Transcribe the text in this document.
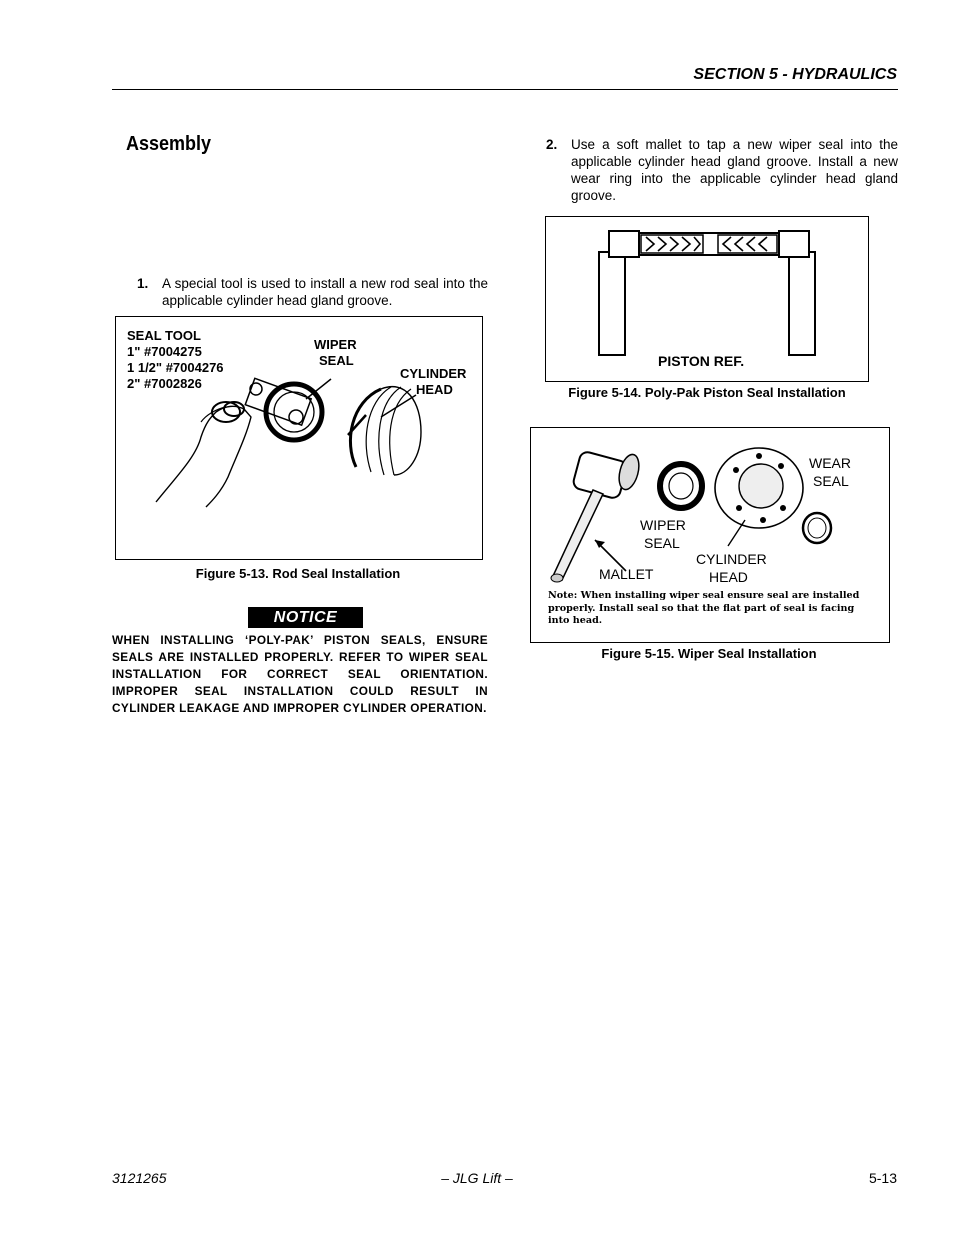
SECTION 5 - HYDRAULICS
Assembly
1.	A special tool is used to install a new rod seal into the applicable cylinder head gland groove.
SEAL TOOL
1" #7004275
1 1/2" #7004276
2" #7002826
WIPER
SEAL
CYLINDER
HEAD
Figure 5-13. Rod Seal Installation
NOTICE
WHEN INSTALLING ‘POLY-PAK’ PISTON SEALS, ENSURE SEALS ARE INSTALLED PROPERLY. REFER TO WIPER SEAL INSTALLATION FOR CORRECT SEAL ORIENTATION. IMPROPER SEAL INSTALLATION COULD RESULT IN CYLINDER LEAKAGE AND IMPROPER CYLINDER OPERATION.
2.	Use a soft mallet to tap a new wiper seal into the applicable cylinder head gland groove. Install a new wear ring into the applicable cylinder head gland groove.
PISTON REF.
Figure 5-14. Poly-Pak Piston Seal Installation
WEAR
SEAL
WIPER
SEAL
CYLINDER
HEAD
MALLET
Note: When installing wiper seal ensure seal are installed properly. Install seal so that the flat part of seal is facing into head.
Figure 5-15. Wiper Seal Installation
3121265	– JLG Lift –	5-13
